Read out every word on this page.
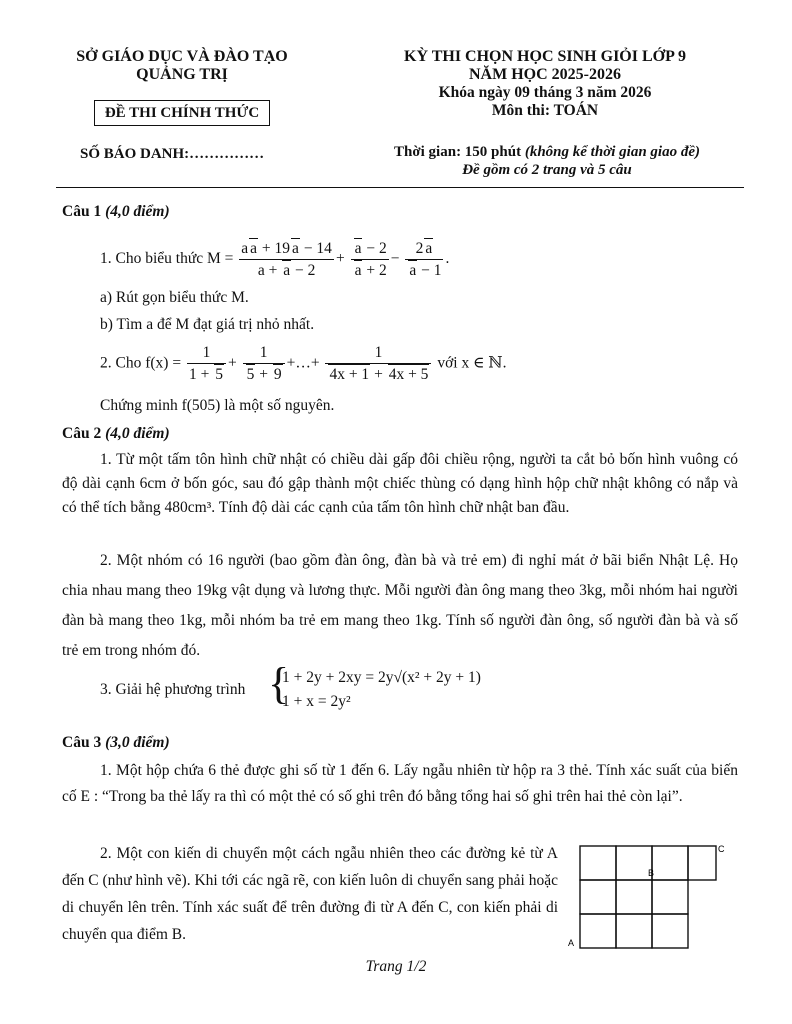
SỞ GIÁO DỤC VÀ ĐÀO TẠO
QUẢNG TRỊ
ĐỀ THI CHÍNH THỨC
KỲ THI CHỌN HỌC SINH GIỎI LỚP 9
NĂM HỌC 2025-2026
Khóa ngày 09 tháng 3 năm 2026
Môn thi: TOÁN
SỐ BÁO DANH:……………	Thời gian: 150 phút (không kể thời gian giao đề)
Đề gồm có 2 trang và 5 câu
Câu 1 (4,0 điểm)
1. Cho biểu thức $M = \frac{\text{a a + 19 a − 14}}{a + a - 2} + \frac{a - 2}{a + 2} - \frac{2 a}{a - 1}$ .
a) Rút gọn biểu thức M.
b) Tìm a để M đạt giá trị nhỏ nhất.
2. Cho $f(x) = \frac{1}{1 + 5} + \frac{1}{5 + 9}$ +…+ $\frac{1}{4x + 1 + 4x + 5}$ với x ∈ ℕ.
Chứng minh f(505) là một số nguyên.
Câu 2 (4,0 điểm)
1. Từ một tấm tôn hình chữ nhật có chiều dài gấp đôi chiều rộng, người ta cắt bỏ bốn hình vuông có độ dài cạnh 6cm ở bốn góc, sau đó gập thành một chiếc thùng có dạng hình hộp chữ nhật không có nắp và có thể tích bằng 480cm³. Tính độ dài các cạnh của tấm tôn hình chữ nhật ban đầu.
2. Một nhóm có 16 người (bao gồm đàn ông, đàn bà và trẻ em) đi nghỉ mát ở bãi biển Nhật Lệ. Họ chia nhau mang theo 19kg vật dụng và lương thực. Mỗi người đàn ông mang theo 3kg, mỗi nhóm hai người đàn bà mang theo 1kg, mỗi nhóm ba trẻ em mang theo 1kg. Tính số người đàn ông, số người đàn bà và số trẻ em trong nhóm đó.
3. Giải hệ phương trình {
1 + 2y + 2xy = 2y√(x² + 2y + 1)
1 + x = 2y²
Câu 3 (3,0 điểm)
1. Một hộp chứa 6 thẻ được ghi số từ 1 đến 6. Lấy ngẫu nhiên từ hộp ra 3 thẻ. Tính xác suất của biến cố E : “Trong ba thẻ lấy ra thì có một thẻ có số ghi trên đó bằng tổng hai số ghi trên hai thẻ còn lại”.
2. Một con kiến di chuyển một cách ngẫu nhiên theo các đường kẻ từ A đến C (như hình vẽ). Khi tới các ngã rẽ, con kiến luôn di chuyển sang phải hoặc di chuyển lên trên. Tính xác suất để trên đường đi từ A đến C, con kiến phải di chuyển qua điểm B.	A
B
C
Trang 1/2
